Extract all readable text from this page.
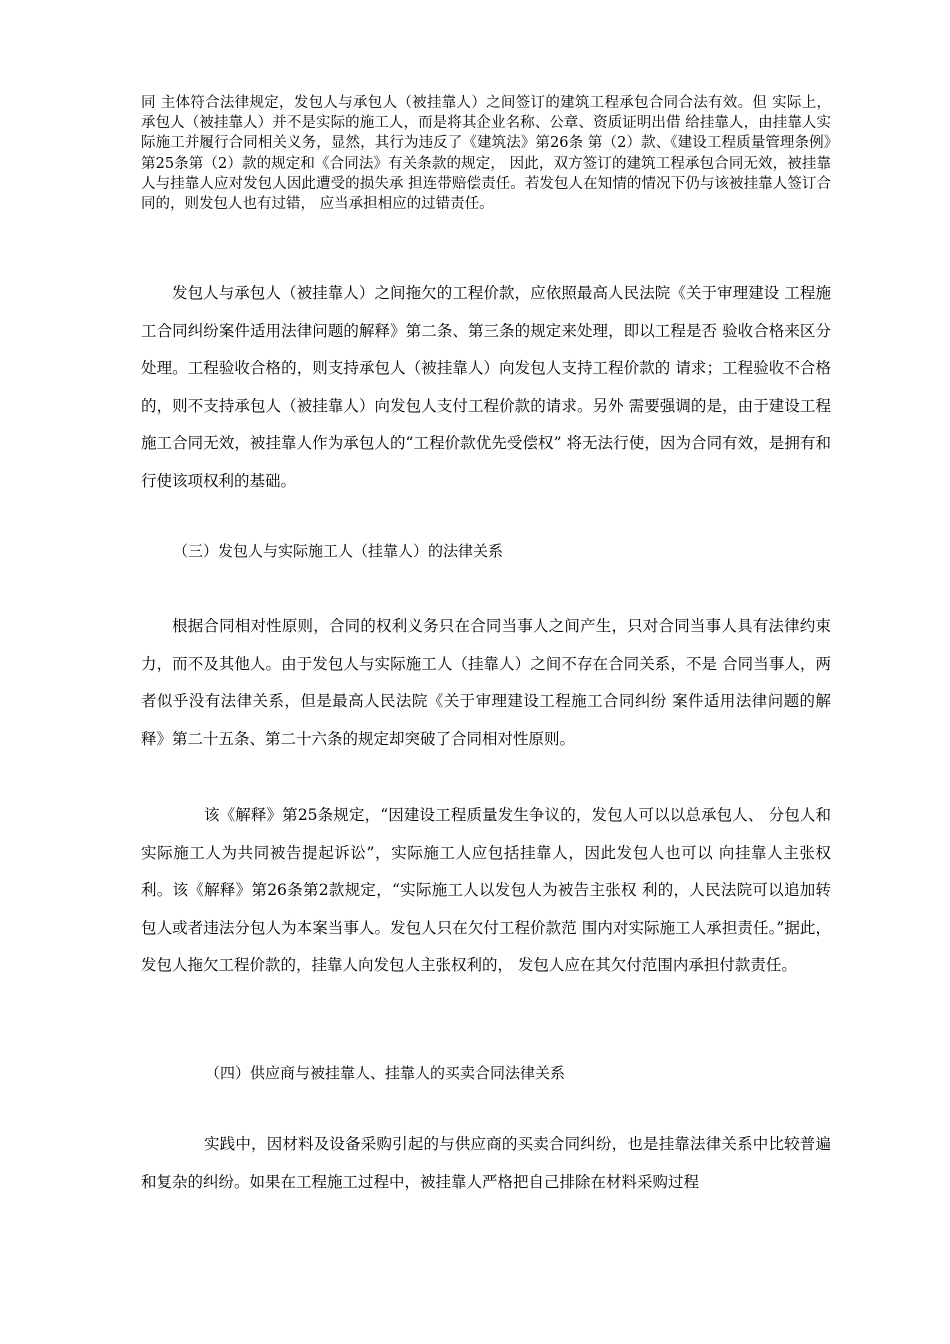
同 主体符合法律规定，发包人与承包人（被挂靠人）之间签订的建筑工程承包合同合法有效。但 实际上，承包人（被挂靠人）并不是实际的施工人，而是将其企业名称、公章、资质证明出借 给挂靠人，由挂靠人实际施工并履行合同相关义务，显然，其行为违反了《建筑法》第26条 第（2）款、《建设工程质量管理条例》第25条第（2）款的规定和《合同法》有关条款的规定， 因此，双方签订的建筑工程承包合同无效，被挂靠人与挂靠人应对发包人因此遭受的损失承 担连带赔偿责任。若发包人在知情的情况下仍与该被挂靠人签订合同的，则发包人也有过错， 应当承担相应的过错责任。

发包人与承包人（被挂靠人）之间拖欠的工程价款，应依照最高人民法院《关于审理建设 工程施工合同纠纷案件适用法律问题的解释》第二条、第三条的规定来处理，即以工程是否 验收合格来区分处理。工程验收合格的，则支持承包人（被挂靠人）向发包人支持工程价款的 请求；工程验收不合格的，则不支持承包人（被挂靠人）向发包人支付工程价款的请求。另外 需要强调的是，由于建设工程施工合同无效，被挂靠人作为承包人的“工程价款优先受偿权” 将无法行使，因为合同有效，是拥有和行使该项权利的基础。

（三）发包人与实际施工人（挂靠人）的法律关系

根据合同相对性原则，合同的权利义务只在合同当事人之间产生，只对合同当事人具有法律约束力，而不及其他人。由于发包人与实际施工人（挂靠人）之间不存在合同关系，不是 合同当事人，两者似乎没有法律关系，但是最高人民法院《关于审理建设工程施工合同纠纷 案件适用法律问题的解释》第二十五条、第二十六条的规定却突破了合同相对性原则。

该《解释》第25条规定，“因建设工程质量发生争议的，发包人可以以总承包人、 分包人和实际施工人为共同被告提起诉讼”，实际施工人应包括挂靠人，因此发包人也可以 向挂靠人主张权利。该《解释》第26条第2款规定，“实际施工人以发包人为被告主张权 利的，人民法院可以追加转包人或者违法分包人为本案当事人。发包人只在欠付工程价款范 围内对实际施工人承担责任。”据此，发包人拖欠工程价款的，挂靠人向发包人主张权利的， 发包人应在其欠付范围内承担付款责任。

（四）供应商与被挂靠人、挂靠人的买卖合同法律关系

实践中，因材料及设备采购引起的与供应商的买卖合同纠纷，也是挂靠法律关系中比较普遍和复杂的纠纷。如果在工程施工过程中，被挂靠人严格把自己排除在材料采购过程
